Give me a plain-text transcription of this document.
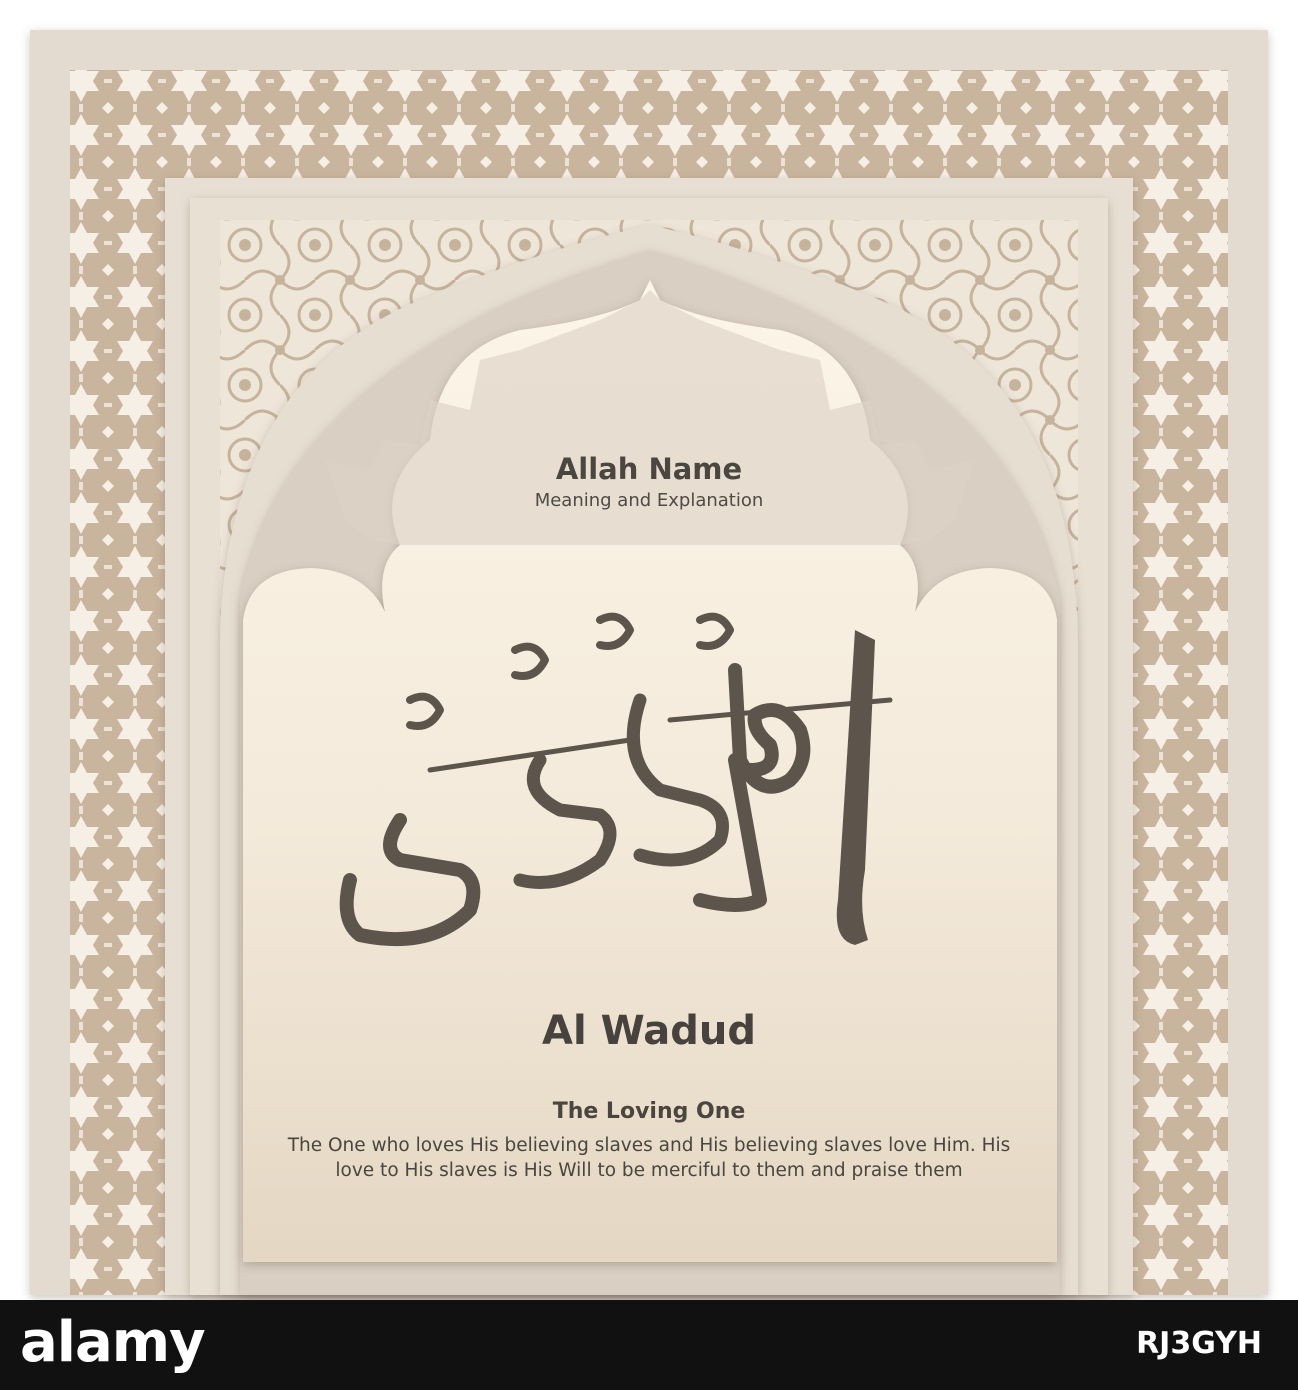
Allah Name
Meaning and Explanation
Al Wadud
The Loving One
The One who loves His believing slaves and His believing slaves love Him. His love to His slaves is His Will to be merciful to them and praise them
alamy	RJ3GYH
